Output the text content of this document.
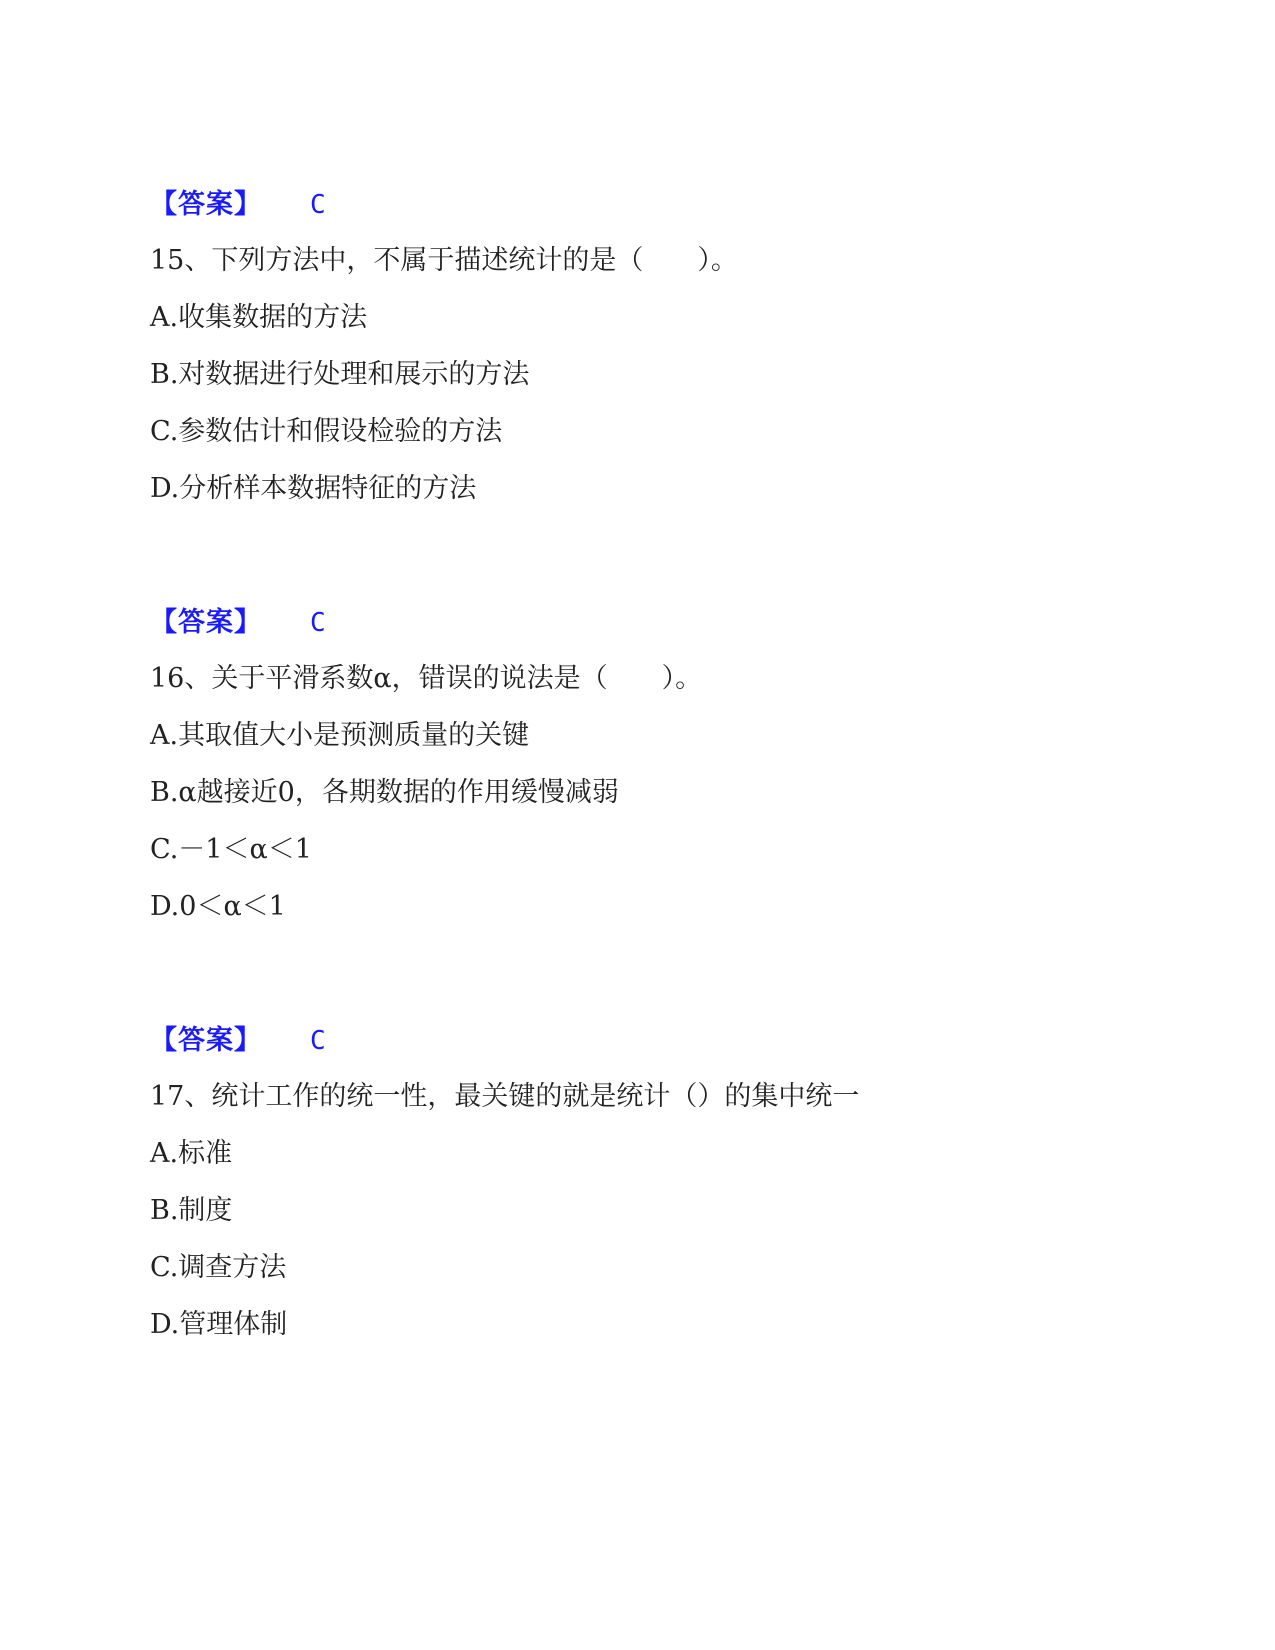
【答案】 C
15、下列方法中，不属于描述统计的是（　　）。
A.收集数据的方法
B.对数据进行处理和展示的方法
C.参数估计和假设检验的方法
D.分析样本数据特征的方法
【答案】 C
16、关于平滑系数α，错误的说法是（　　）。
A.其取值大小是预测质量的关键
B.α越接近0，各期数据的作用缓慢减弱
C.－1＜α＜1
D.0＜α＜1
【答案】 C
17、统计工作的统一性，最关键的就是统计（）的集中统一
A.标准
B.制度
C.调查方法
D.管理体制
